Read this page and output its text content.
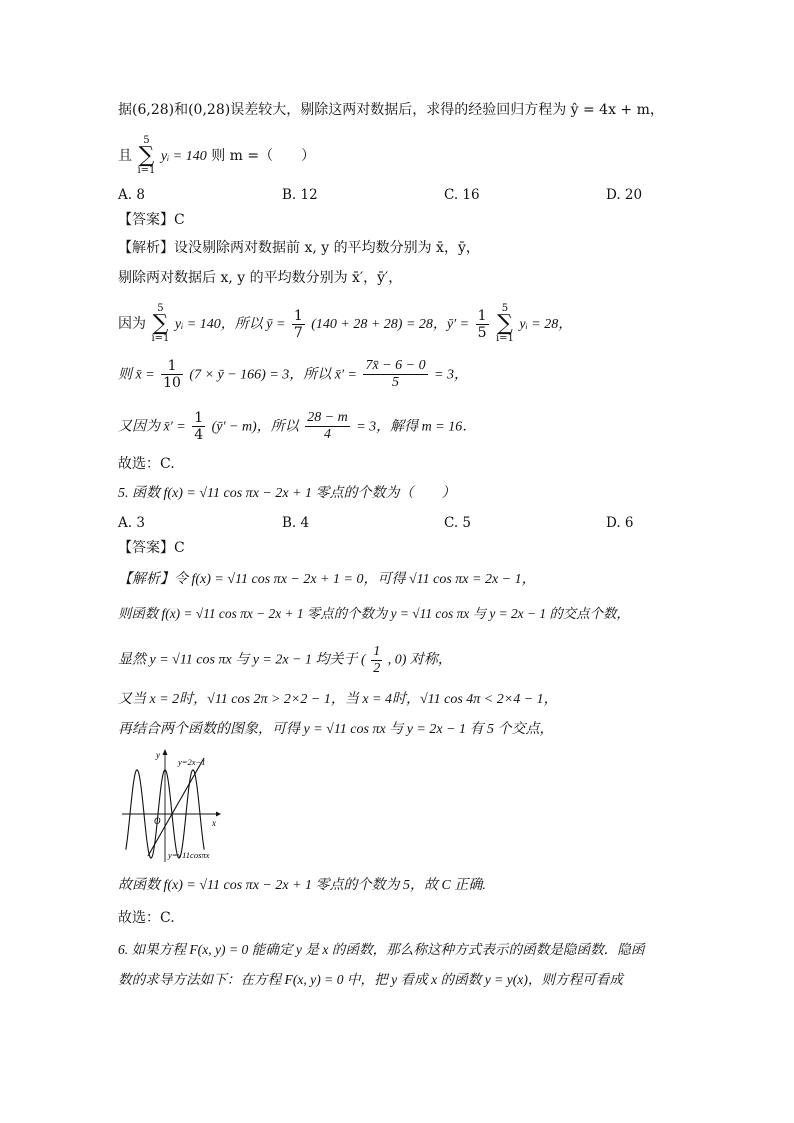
据(6,28)和(0,28)误差较大，剔除这两对数据后，求得的经验回归方程为 ŷ = 4x + m，
且 5
∑
i=1 yᵢ = 140 则 m =（　　）
A. 8	B. 12	C. 16	D. 20
【答案】C
【解析】设没剔除两对数据前 x, y 的平均数分别为 x̄，ȳ，
剔除两对数据后 x, y 的平均数分别为 x̄′，ȳ′，
因为 5
∑
i=1 yᵢ = 140，所以 ȳ = $\frac{1}{7} (140 + 28 + 28) = 28$，ȳ′ = $\frac{1}{5} 5$
∑
i=1 yᵢ = 28，
则 x̄ = $\frac{1}{10} (7$ × ȳ − 166) = 3，所以 x̄′ = $\frac{7x̄ - 6 - 0}{5} = 3$，
又因为 x̄′ = $\frac{1}{4}$ (ȳ′ − m)，所以 $\frac{28 - m}{4} = 3$，解得 m = 16．
故选：C.
5. 函数 f(x) = √11 cos πx − 2x + 1 零点的个数为（　　）
A. 3	B. 4	C. 5	D. 6
【答案】C
【解析】令 f(x) = √11 cos πx − 2x + 1 = 0，可得 √11 cos πx = 2x − 1，
则函数 f(x) = √11 cos πx − 2x + 1 零点的个数为 y = √11 cos πx 与 y = 2x − 1 的交点个数，
显然 y = √11 cos πx 与 y = 2x − 1 均关于 ( $\frac{1}{2}$ , 0) 对称，
又当 x = 2时，√11 cos 2π > 2×2 − 1，当 x = 4时，√11 cos 4π < 2×4 − 1，
再结合两个函数的图象，可得 y = √11 cos πx 与 y = 2x − 1 有 5 个交点，
y
x
O
y=2x−1
y=√11cosπx
故函数 f(x) = √11 cos πx − 2x + 1 零点的个数为 5，故 C 正确.
故选：C.
6. 如果方程 F(x, y) = 0 能确定 y 是 x 的函数，那么称这种方式表示的函数是隐函数．隐函
数的求导方法如下：在方程 F(x, y) = 0 中，把 y 看成 x 的函数 y = y(x)，则方程可看成
